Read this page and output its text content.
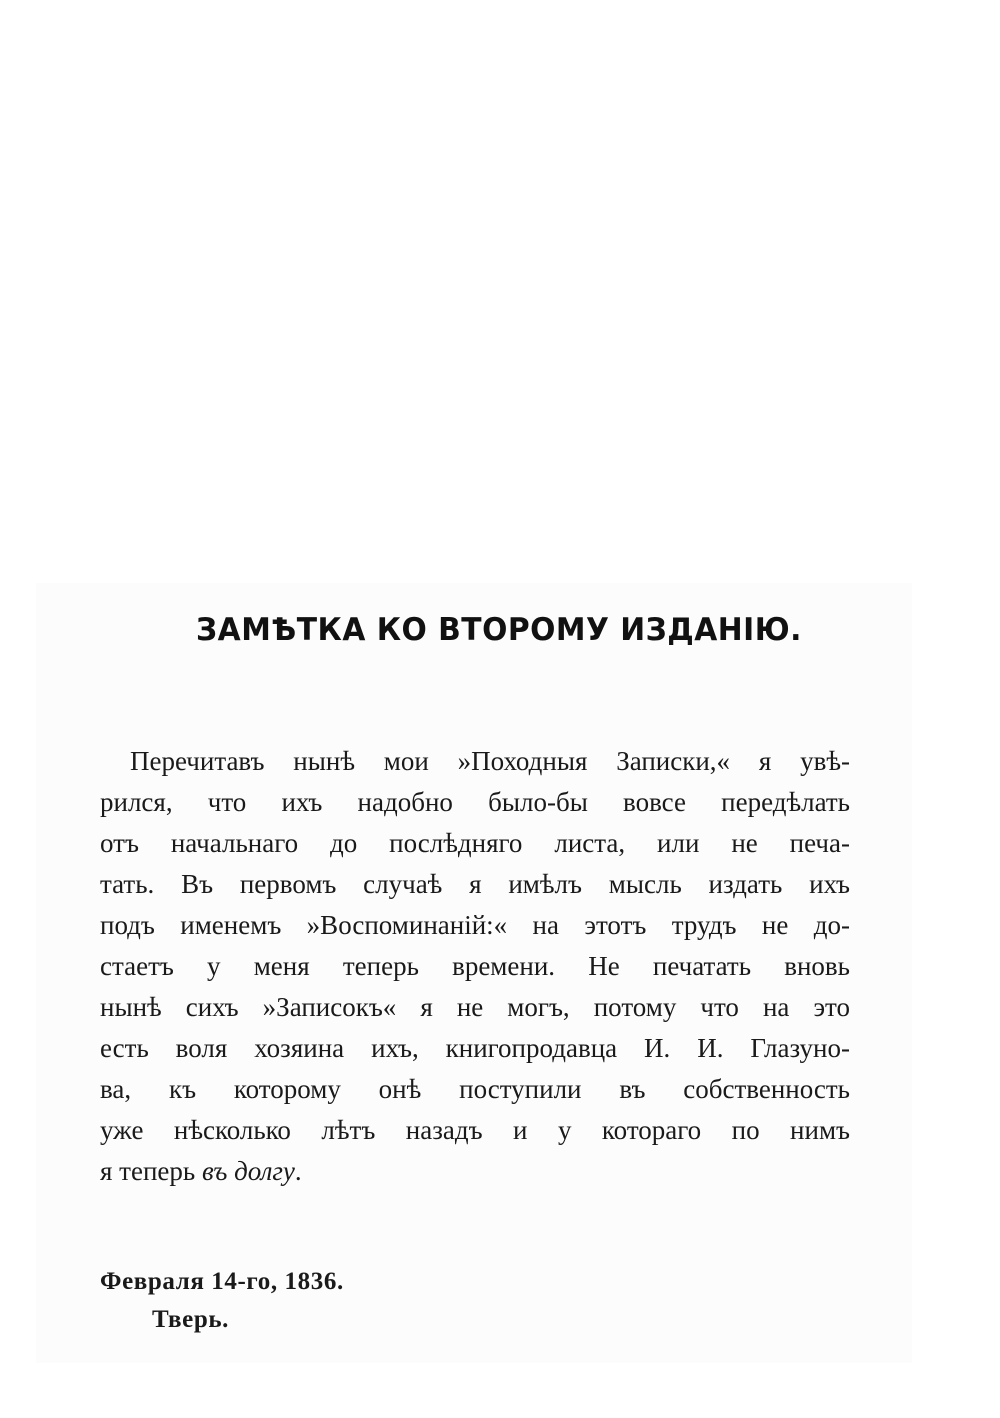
ЗАМѢТКА КО ВТОРОМУ ИЗДАНІЮ.
Перечитавъ нынѣ мои »Походныя Записки,« я увѣ-
рился, что ихъ надобно было-бы вовсе передѣлать
отъ начальнаго до послѣдняго листа, или не печа-
тать. Въ первомъ случаѣ я имѣлъ мысль издать ихъ
подъ именемъ »Воспоминаній:« на этотъ трудъ не до-
стаетъ у меня теперь времени. Не печатать вновь
нынѣ сихъ »Записокъ« я не могъ, потому что на это
есть воля хозяина ихъ, книгопродавца И. И. Глазуно-
ва, къ которому онѣ поступили въ собственность
уже нѣсколько лѣтъ назадъ и у котораго по нимъ
я теперь въ долгу.
Февраля 14-го, 1836.
Тверь.
